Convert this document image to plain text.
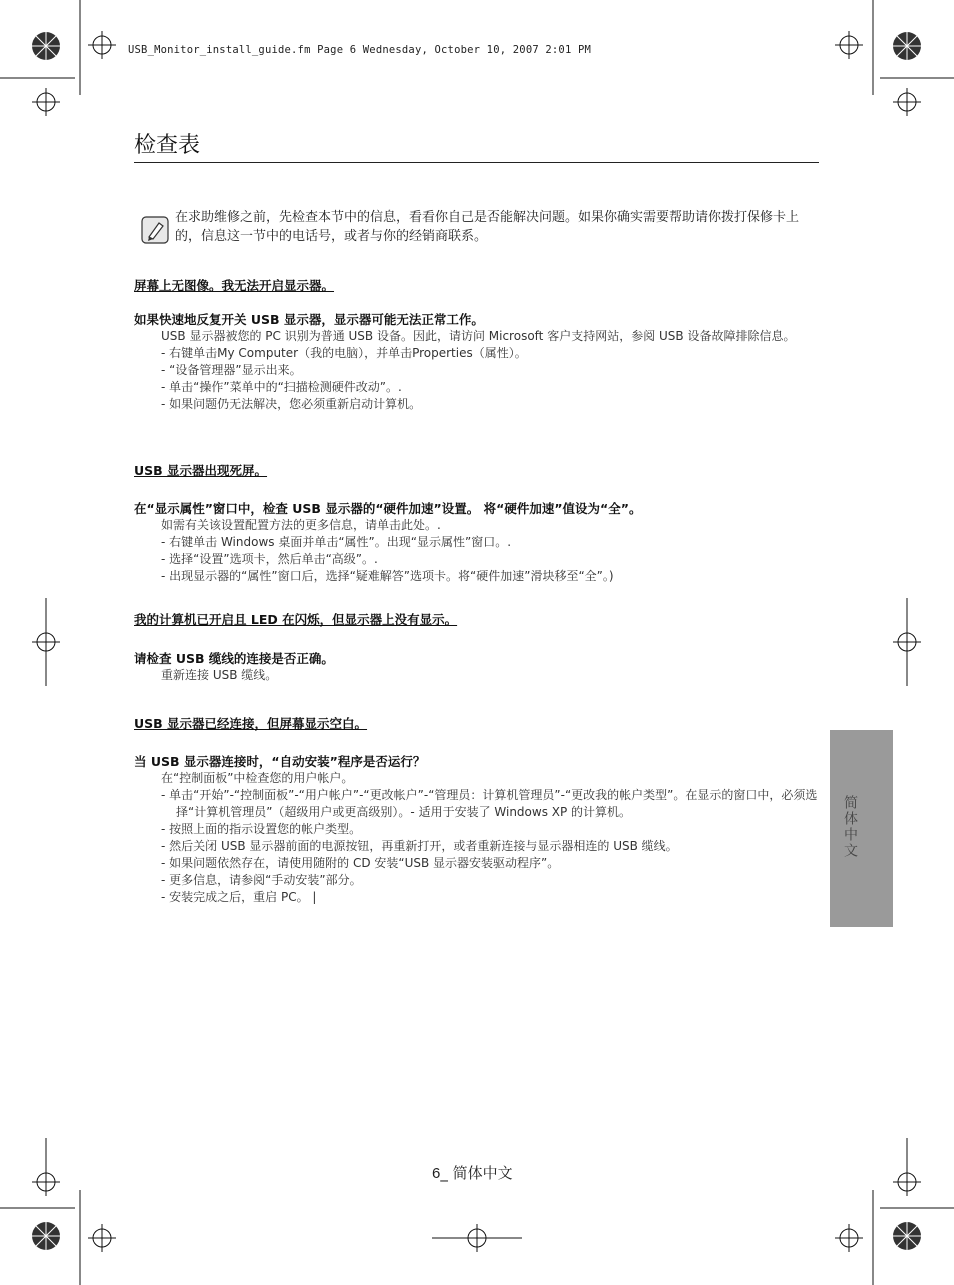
USB_Monitor_install_guide.fm Page 6 Wednesday, October 10, 2007 2:01 PM
检查表
在求助维修之前，先检查本节中的信息，看看你自己是否能解决问题。如果你确实需要帮助请你拨打保修卡上的，信息这一节中的电话号，或者与你的经销商联系。
屏幕上无图像。我无法开启显示器。
如果快速地反复开关 USB 显示器，显示器可能无法正常工作。
USB 显示器被您的 PC 识别为普通 USB 设备。因此，请访问 Microsoft 客户支持网站，参阅 USB 设备故障排除信息。
- 右键单击My Computer（我的电脑），并单击Properties（属性）。
- “设备管理器”显示出来。
- 单击“操作”菜单中的“扫描检测硬件改动”。.
- 如果问题仍无法解决，您必须重新启动计算机。
USB 显示器出现死屏。
在“显示属性”窗口中，检查 USB 显示器的“硬件加速”设置。 将“硬件加速”值设为“全”。
如需有关该设置配置方法的更多信息，请单击此处。.
- 右键单击 Windows 桌面并单击“属性”。出现“显示属性”窗口。.
- 选择“设置”选项卡，然后单击“高级”。.
- 出现显示器的“属性”窗口后，选择“疑难解答”选项卡。将“硬件加速”滑块移至“全”。)
我的计算机已开启且 LED 在闪烁，但显示器上没有显示。
请检查 USB 缆线的连接是否正确。
重新连接 USB 缆线。
USB 显示器已经连接，但屏幕显示空白。
当 USB 显示器连接时，“自动安装”程序是否运行？
在“控制面板”中检查您的用户帐户。
- 单击“开始”-“控制面板”-“用户帐户”-“更改帐户”-“管理员：计算机管理员”-“更改我的帐户类型”。在显示的窗口中，必须选择“计算机管理员”（超级用户或更高级别）。- 适用于安装了 Windows XP 的计算机。
- 按照上面的指示设置您的帐户类型。
- 然后关闭 USB 显示器前面的电源按钮，再重新打开，或者重新连接与显示器相连的 USB 缆线。
- 如果问题依然存在，请使用随附的 CD 安装“USB 显示器安装驱动程序”。
- 更多信息，请参阅“手动安装”部分。
- 安装完成之后，重启 PC。 |
简体中文
6_ 简体中文
